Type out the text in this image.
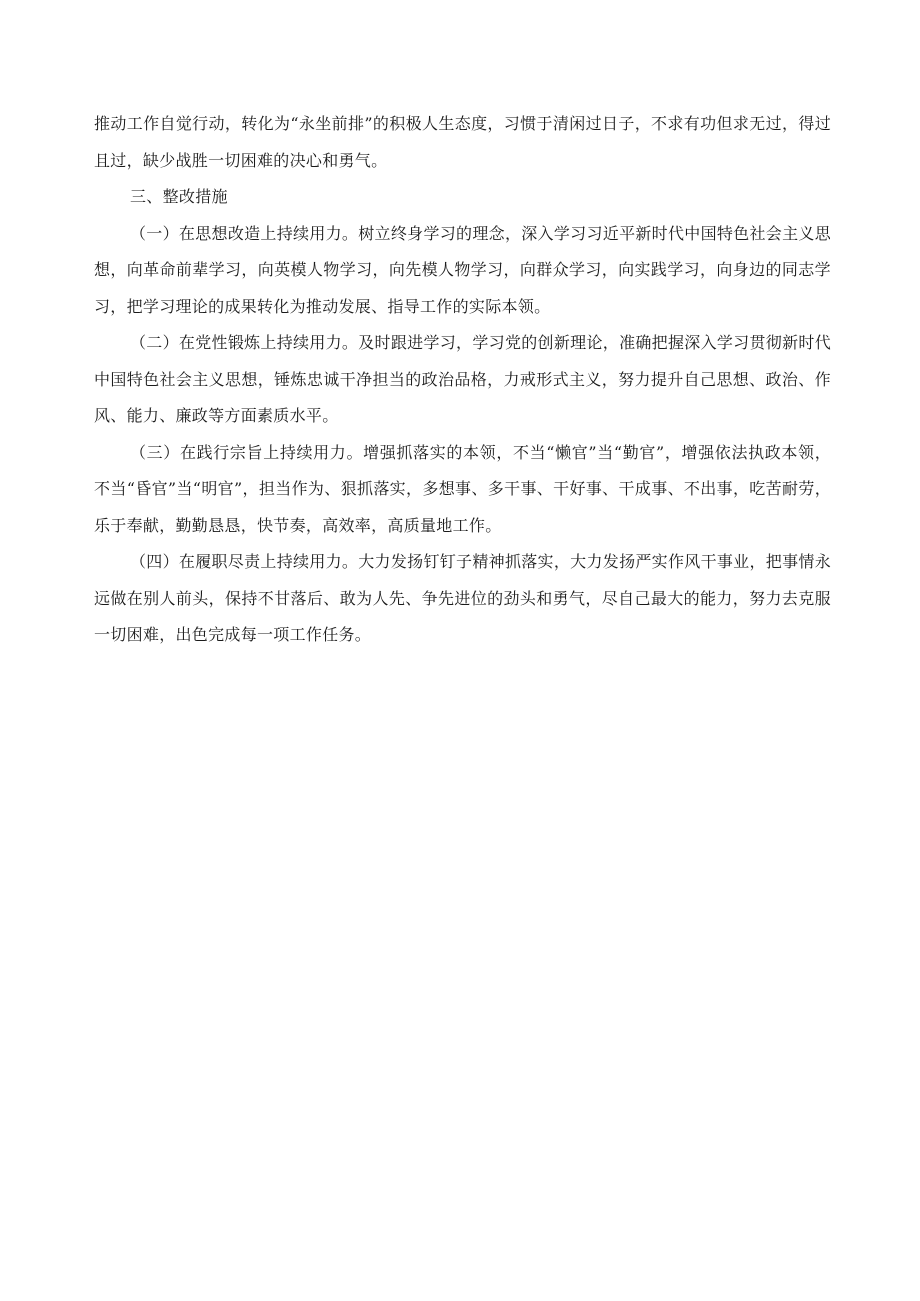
推动工作自觉行动，转化为“永坐前排”的积极人生态度，习惯于清闲过日子，不求有功但求无过，得过且过，缺少战胜一切困难的决心和勇气。

三、整改措施

（一）在思想改造上持续用力。树立终身学习的理念，深入学习习近平新时代中国特色社会主义思想，向革命前辈学习，向英模人物学习，向先模人物学习，向群众学习，向实践学习，向身边的同志学习，把学习理论的成果转化为推动发展、指导工作的实际本领。

（二）在党性锻炼上持续用力。及时跟进学习，学习党的创新理论，准确把握深入学习贯彻新时代中国特色社会主义思想，锤炼忠诚干净担当的政治品格，力戒形式主义，努力提升自己思想、政治、作风、能力、廉政等方面素质水平。

（三）在践行宗旨上持续用力。增强抓落实的本领，不当“懒官”当“勤官”，增强依法执政本领，不当“昏官”当“明官”，担当作为、狠抓落实，多想事、多干事、干好事、干成事、不出事，吃苦耐劳，乐于奉献，勤勤恳恳，快节奏，高效率，高质量地工作。

（四）在履职尽责上持续用力。大力发扬钉钉子精神抓落实，大力发扬严实作风干事业，把事情永远做在别人前头，保持不甘落后、敢为人先、争先进位的劲头和勇气，尽自己最大的能力，努力去克服一切困难，出色完成每一项工作任务。
